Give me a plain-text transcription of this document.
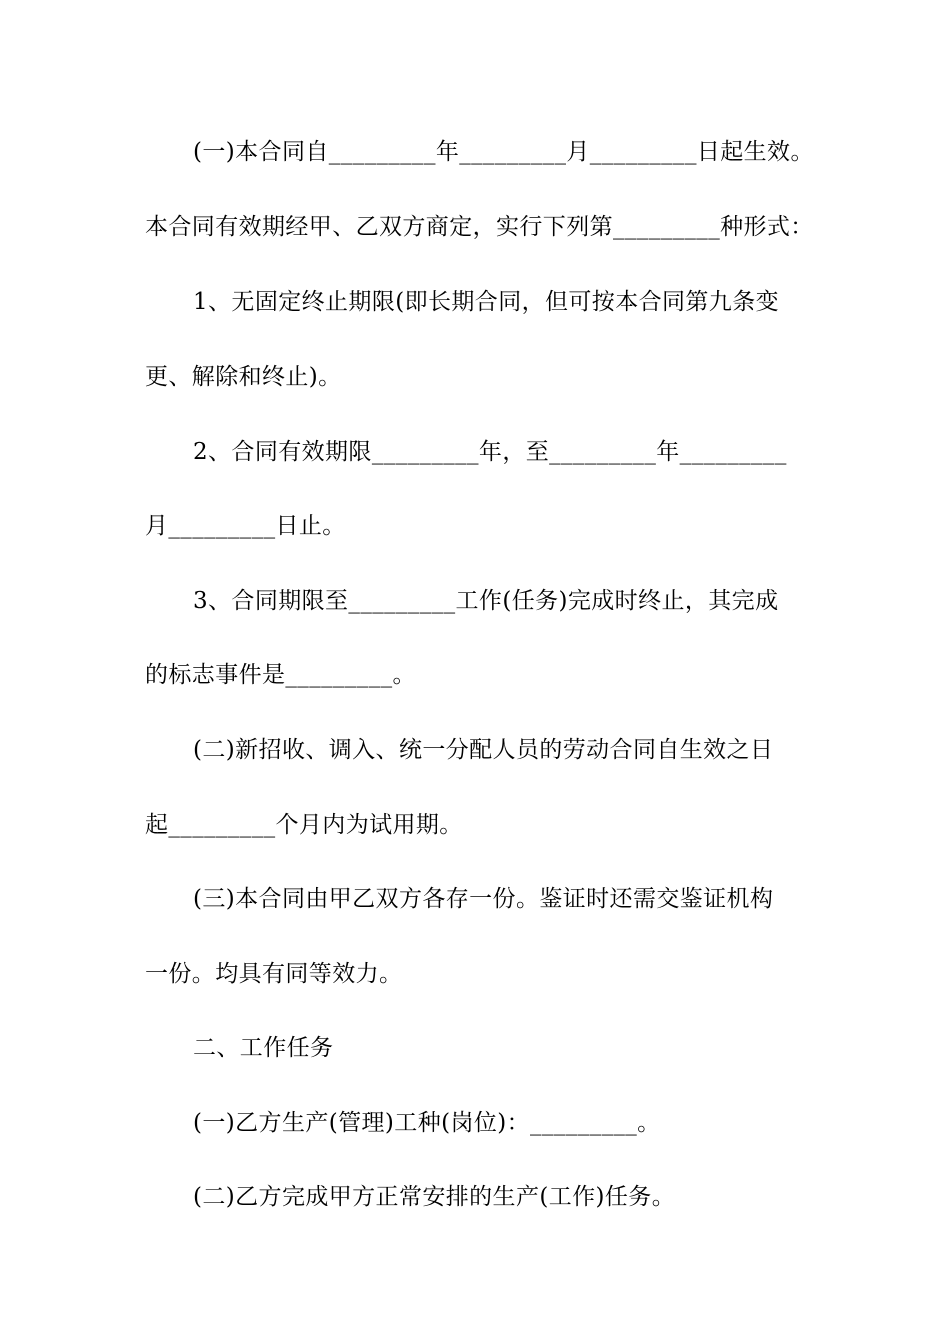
(一)本合同自_________年_________月_________日起生效。
本合同有效期经甲、乙双方商定，实行下列第_________种形式：
1、无固定终止期限(即长期合同，但可按本合同第九条变
更、解除和终止)。
2、合同有效期限_________年，至_________年_________
月_________日止。
3、合同期限至_________工作(任务)完成时终止，其完成
的标志事件是_________。
(二)新招收、调入、统一分配人员的劳动合同自生效之日
起_________个月内为试用期。
(三)本合同由甲乙双方各存一份。鉴证时还需交鉴证机构
一份。均具有同等效力。
二、工作任务
(一)乙方生产(管理)工种(岗位)：_________。
(二)乙方完成甲方正常安排的生产(工作)任务。
